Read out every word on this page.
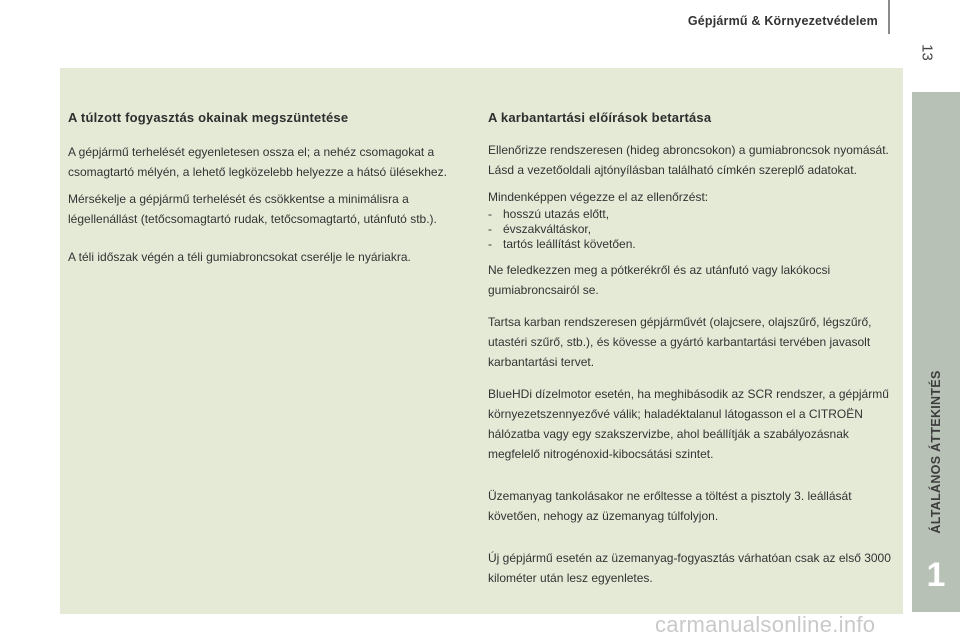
Gépjármű & Környezetvédelem
13
ÁLTALÁNOS ÁTTEKINTÉS
1
A túlzott fogyasztás okainak megszüntetése

A gépjármű terhelését egyenletesen ossza el; a nehéz csomagokat a csomagtartó mélyén, a lehető legközelebb helyezze a hátsó ülésekhez.

Mérsékelje a gépjármű terhelését és csökkentse a minimálisra a légellenállást (tetőcsomagtartó rudak, tetőcsomagtartó, utánfutó stb.).

A téli időszak végén a téli gumiabroncsokat cserélje le nyáriakra.

A karbantartási előírások betartása

Ellenőrizze rendszeresen (hideg abroncsokon) a gumiabroncsok nyomását. Lásd a vezetőoldali ajtónyílásban található címkén szereplő adatokat.

Mindenképpen végezze el az ellenőrzést:

- hosszú utazás előtt,
- évszakváltáskor,
- tartós leállítást követően.

Ne feledkezzen meg a pótkerékről és az utánfutó vagy lakókocsi gumiabroncsairól se.

Tartsa karban rendszeresen gépjárművét (olajcsere, olajszűrő, légszűrő, utastéri szűrő, stb.), és kövesse a gyártó karbantartási tervében javasolt karbantartási tervet.

BlueHDi dízelmotor esetén, ha meghibásodik az SCR rendszer, a gépjármű környezetszennyezővé válik; haladéktalanul látogasson el a CITROËN hálózatba vagy egy szakszervizbe, ahol beállítják a szabályozásnak megfelelő nitrogénoxid-kibocsátási szintet.

Üzemanyag tankolásakor ne erőltesse a töltést a pisztoly 3. leállását követően, nehogy az üzemanyag túlfolyjon.

Új gépjármű esetén az üzemanyag-fogyasztás várhatóan csak az első 3000 kilométer után lesz egyenletes.

carmanualsonline.info
